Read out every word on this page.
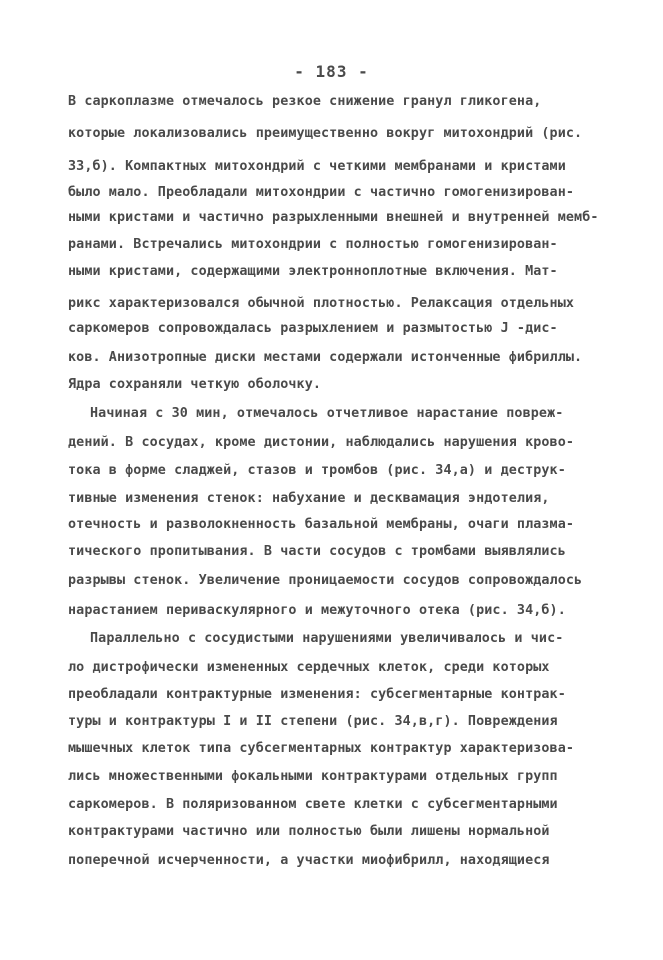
- 183 -
В саркоплазме отмечалось резкое снижение гранул гликогена,
которые локализовались преимущественно вокруг митохондрий (рис.
33,б). Компактных митохондрий с четкими мембранами и кристами
было мало. Преобладали митохондрии с частично гомогенизирован-
ными кристами и частично разрыхленными внешней и внутренней мемб-
ранами. Встречались митохондрии с полностью гомогенизирован-
ными кристами, содержащими электронноплотные включения. Мат-
рикс характеризовался обычной плотностью. Релаксация отдельных
саркомеров сопровождалась разрыхлением и размытостью J -дис-
ков. Анизотропные диски местами содержали истонченные фибриллы.
Ядра сохраняли четкую оболочку.
Начиная с 30 мин, отмечалось отчетливое нарастание повреж-
дений. В сосудах, кроме дистонии, наблюдались нарушения крово-
тока в форме сладжей, стазов и тромбов (рис. 34,а) и деструк-
тивные изменения стенок: набухание и десквамация эндотелия,
отечность и разволокненность базальной мембраны, очаги плазма-
тического пропитывания. В части сосудов с тромбами выявлялись
разрывы стенок. Увеличение проницаемости сосудов сопровождалось
нарастанием периваскулярного и межуточного отека (рис. 34,б).
Параллельно с сосудистыми нарушениями увеличивалось и чис-
ло дистрофически измененных сердечных клеток, среди которых
преобладали контрактурные изменения: субсегментарные контрак-
туры и контрактуры I и II степени (рис. 34,в,г). Повреждения
мышечных клеток типа субсегментарных контрактур характеризова-
лись множественными фокальными контрактурами отдельных групп
саркомеров. В поляризованном свете клетки с субсегментарными
контрактурами частично или полностью были лишены нормальной
поперечной исчерченности, а участки миофибрилл, находящиеся
